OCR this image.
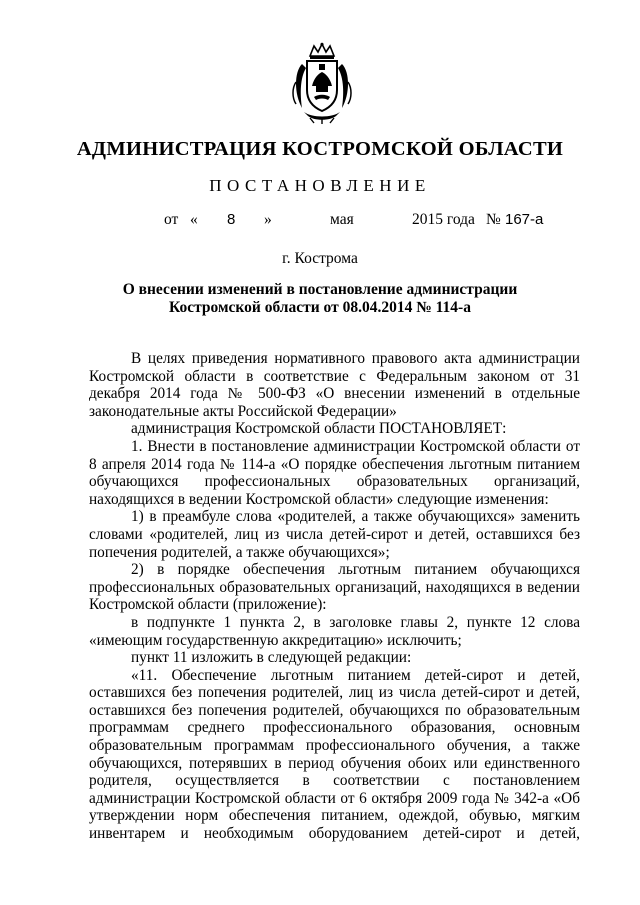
АДМИНИСТРАЦИЯ КОСТРОМСКОЙ ОБЛАСТИ
ПОСТАНОВЛЕНИЕ
от « 8 »	мая	2015 года № 167-а
г. Кострома
О внесении изменений в постановление администрации
Костромской области от 08.04.2014 № 114-а

В целях приведения нормативного правового акта администрации Костромской области в соответствие с Федеральным законом от 31 декабря 2014 года № 500-ФЗ «О внесении изменений в отдельные законодательные акты Российской Федерации»

администрация Костромской области ПОСТАНОВЛЯЕТ:

1. Внести в постановление администрации Костромской области от 8 апреля 2014 года № 114-а «О порядке обеспечения льготным питанием обучающихся профессиональных образовательных организаций, находящихся в ведении Костромской области» следующие изменения:

1) в преамбуле слова «родителей, а также обучающихся» заменить словами «родителей, лиц из числа детей-сирот и детей, оставшихся без попечения родителей, а также обучающихся»;

2) в порядке обеспечения льготным питанием обучающихся профессиональных образовательных организаций, находящихся в ведении Костромской области (приложение):

в подпункте 1 пункта 2, в заголовке главы 2, пункте 12 слова «имеющим государственную аккредитацию» исключить;

пункт 11 изложить в следующей редакции:

«11. Обеспечение льготным питанием детей-сирот и детей, оставшихся без попечения родителей, лиц из числа детей-сирот и детей, оставшихся без попечения родителей, обучающихся по образовательным программам среднего профессионального образования, основным образовательным программам профессионального обучения, а также обучающихся, потерявших в период обучения обоих или единственного родителя, осуществляется в соответствии с постановлением администрации Костромской области от 6 октября 2009 года № 342-а «Об утверждении норм обеспечения питанием, одеждой, обувью, мягким инвентарем и необходимым оборудованием детей-сирот и детей,
